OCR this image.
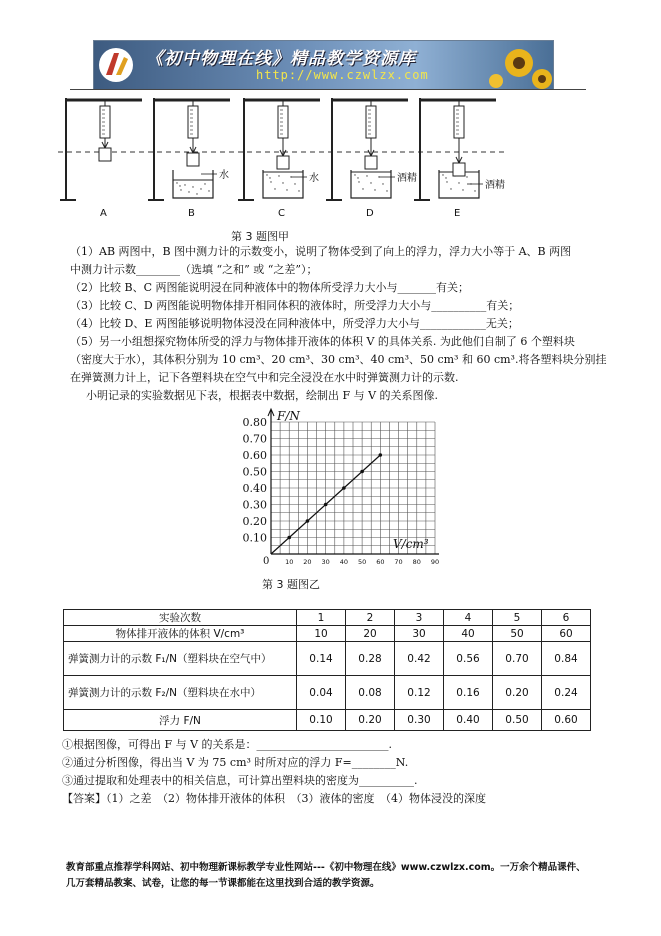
《初中物理在线》精品教学资源库
http://www.czwlzx.com
A
水
B
水
C
酒精
D
酒精
E
第 3 题图甲
（1）AB 两图中，B 图中测力计的示数变小，说明了物体受到了向上的浮力，浮力大小等于 A、B 两图
中测力计示数________（选填 “之和” 或 “之差”）；
（2）比较 B、C 两图能说明浸在同种液体中的物体所受浮力大小与_______有关；
（3）比较 C、D 两图能说明物体排开相同体积的液体时，所受浮力大小与__________有关；
（4）比较 D、E 两图能够说明物体浸没在同种液体中，所受浮力大小与____________无关；
（5）另一小组想探究物体所受的浮力与物体排开液体的体积 V 的具体关系. 为此他们自制了 6 个塑料块
（密度大于水），其体积分别为 10 cm³、20 cm³、30 cm³、40 cm³、50 cm³ 和 60 cm³.将各塑料块分别挂
在弹簧测力计上，记下各塑料块在空气中和完全浸没在水中时弹簧测力计的示数.
小明记录的实验数据见下表，根据表中数据，绘制出 F 与 V 的关系图像.
F/N
V/cm³
0.10
0.20
0.30
0.40
0.50
0.60
0.70
0.80
0 10 20 30 40 50 60 70 80 90
第 3 题图乙
实验次数	1	2	3	4	5	6
物体排开液体的体积 V/cm³	10	20	30	40	50	60
弹簧测力计的示数 F₁/N（塑料块在空气中）	0.14	0.28	0.42	0.56	0.70	0.84
弹簧测力计的示数 F₂/N（塑料块在水中）	0.04	0.08	0.12	0.16	0.20	0.24
浮力 F/N	0.10	0.20	0.30	0.40	0.50	0.60
①根据图像，可得出 F 与 V 的关系是：________________________.
②通过分析图像，得出当 V 为 75 cm³ 时所对应的浮力 F=________N.
③通过提取和处理表中的相关信息，可计算出塑料块的密度为__________.
【答案】（1）之差　（2）物体排开液体的体积　（3）液体的密度　（4）物体浸没的深度
教育部重点推荐学科网站、初中物理新课标教学专业性网站---《初中物理在线》www.czwlzx.com。一万余个精品课件、
几万套精品教案、试卷，让您的每一节课都能在这里找到合适的教学资源。
